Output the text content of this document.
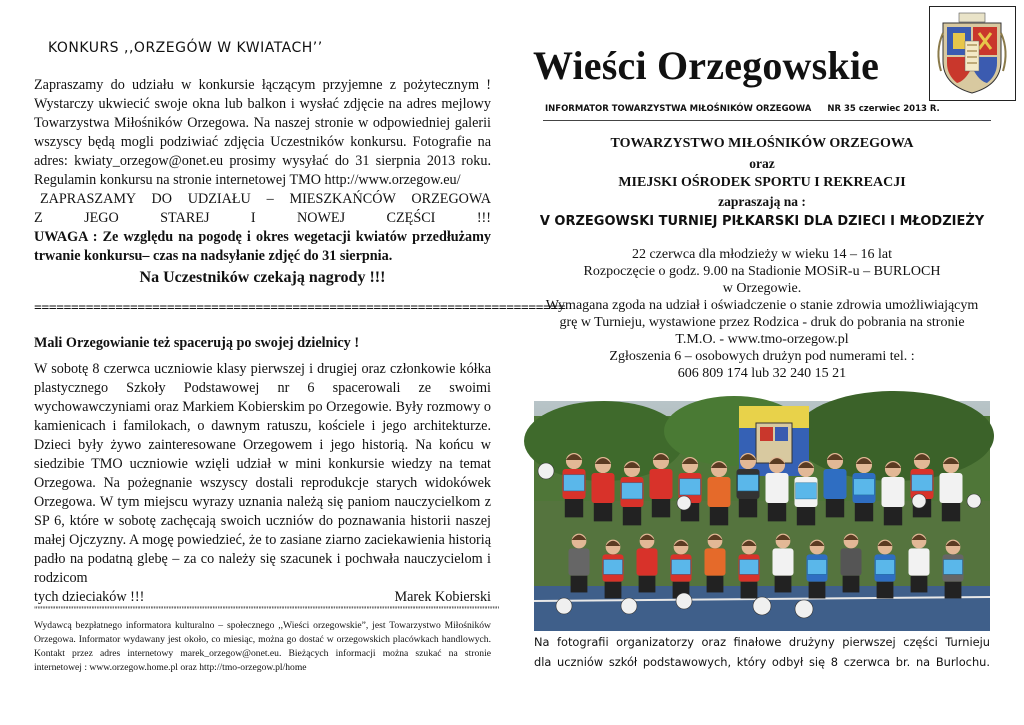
KONKURS ,,ORZEGÓW W KWIATACH’’

Zapraszamy do udziału w konkursie łączącym przyjemne z pożytecznym ! Wystarczy ukwiecić swoje okna lub balkon i wysłać zdjęcie na adres mejlowy Towarzystwa Miłośników Orzegowa. Na naszej stronie w odpowiedniej galerii wszyscy będą mogli podziwiać zdjęcia Uczestników konkursu. Fotografie na adres: kwiaty_orzegow@onet.eu prosimy wysyłać do 31 sierpnia 2013 roku. Regulamin konkursu na stronie internetowej TMO http://www.orzegow.eu/

ZAPRASZAMY DO UDZIAŁU – MIESZKAŃCÓW ORZEGOWA
Z	JEGO	STAREJ	I	NOWEJ	CZĘŚCI	!!!

UWAGA : Ze względu na pogodę i okres wegetacji kwiatów przedłużamy trwanie konkursu– czas na nadsyłanie zdjęć do 31 sierpnia.

Na Uczestników czekają nagrody !!!
========================================================================
Mali Orzegowianie też spacerują po swojej dzielnicy !

W sobotę 8 czerwca uczniowie klasy pierwszej i drugiej oraz członkowie kółka plastycznego Szkoły Podstawowej nr 6 spacerowali ze swoimi wychowawczyniami oraz Markiem Kobierskim po Orzegowie. Były rozmowy o kamienicach i familokach, o dawnym ratuszu, kościele i jego architekturze. Dzieci były żywo zainteresowane Orzegowem i jego historią. Na końcu w siedzibie TMO uczniowie wzięli udział w mini konkursie wiedzy na temat Orzegowa. Na pożegnanie wszyscy dostali reprodukcje starych widokówek Orzegowa. W tym miejscu wyrazy uznania należą się paniom nauczycielkom z SP 6, które w sobotę zachęcają swoich uczniów do poznawania historii naszej małej Ojczyzny. A mogę powiedzieć, że to zasiane ziarno zaciekawienia historią padło na podatną glebę – za co należy się szacunek i pochwała nauczycielom i rodzicom

tych dzieciaków !!!	Marek Kobierski
""""""""""""""""""""""""""""""""""""""""""""""""""""""""""""""""""""""""""""""""""""""""""""""""""""""""""""""""""""""""""""""""""""""""""""""

Wydawcą bezpłatnego informatora kulturalno – społecznego ,,Wieści orzegowskie”, jest Towarzystwo Miłośników Orzegowa. Informator wydawany jest około, co miesiąc, można go dostać w orzegowskich placówkach handlowych. Kontakt przez adres internetowy marek_orzegow@onet.eu. Bieżących informacji można szukać na stronie internetowej : www.orzegow.home.pl oraz http://tmo-orzegow.pl/home

Wieści Orzegowskie
INFORMATOR TOWARZYSTWA MIŁOŚNIKÓW ORZEGOWA NR 35 czerwiec 2013 R.
TOWARZYSTWO MIŁOŚNIKÓW ORZEGOWA
oraz
MIEJSKI OŚRODEK SPORTU I REKREACJI
zapraszają na :
V ORZEGOWSKI TURNIEJ PIŁKARSKI DLA DZIECI I MŁODZIEŻY
22 czerwca dla młodzieży w wieku 14 – 16 lat
Rozpoczęcie o godz. 9.00 na Stadionie MOSiR-u – BURLOCH
w Orzegowie.
Wymagana zgoda na udział i oświadczenie o stanie zdrowia umożliwiającym
grę w Turnieju, wystawione przez Rodzica - druk do pobrania na stronie
T.M.O. - www.tmo-orzegow.pl
Zgłoszenia 6 – osobowych drużyn pod numerami tel. :
606 809 174 lub 32 240 15 21
Na fotografii organizatorzy oraz finałowe drużyny pierwszej części Turnieju
dla uczniów szkół podstawowych, który odbył się 8 czerwca br. na Burlochu.
